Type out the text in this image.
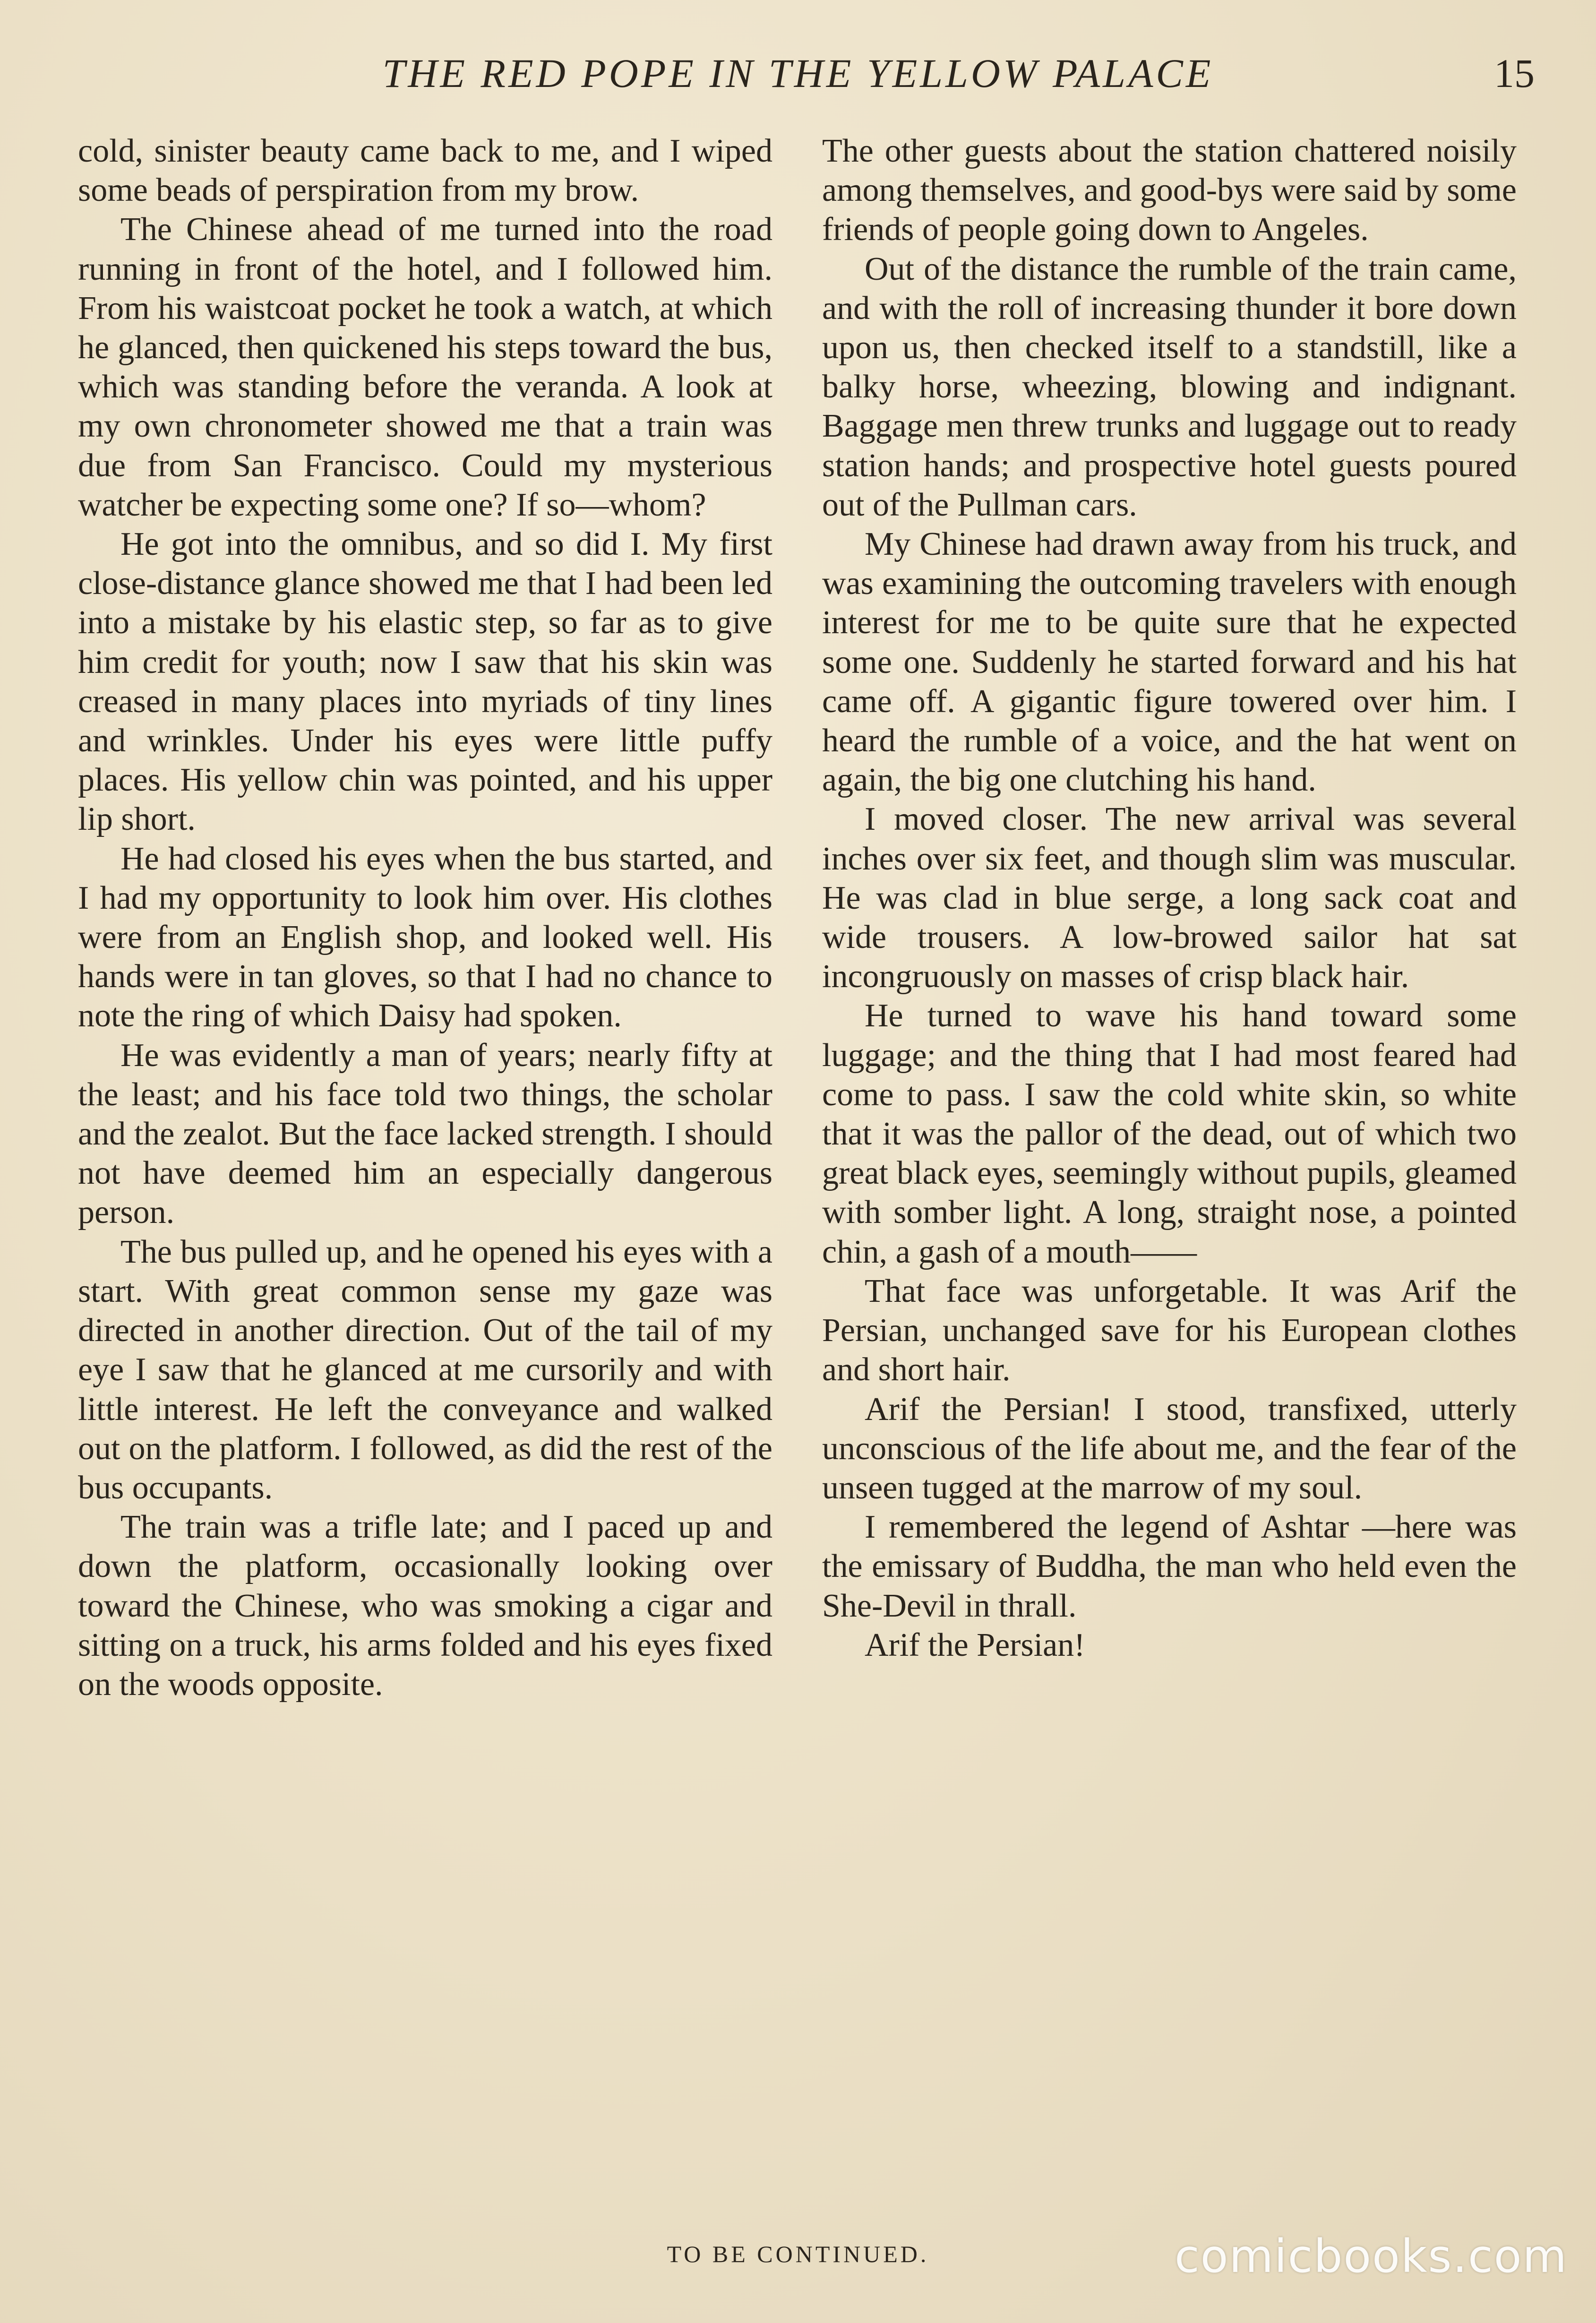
THE RED POPE IN THE YELLOW PALACE	15

cold, sinister beauty came back to me, and I wiped some beads of perspiration from my brow.

The Chinese ahead of me turned into the road running in front of the hotel, and I followed him. From his waistcoat pocket he took a watch, at which he glanced, then quickened his steps toward the bus, which was standing before the veranda. A look at my own chronometer showed me that a train was due from San Francisco. Could my mysterious watcher be expecting some one? If so—whom?

He got into the omnibus, and so did I. My first close-distance glance showed me that I had been led into a mistake by his elastic step, so far as to give him credit for youth; now I saw that his skin was creased in many places into myriads of tiny lines and wrinkles. Under his eyes were little puffy places. His yellow chin was pointed, and his upper lip short.

He had closed his eyes when the bus started, and I had my opportunity to look him over. His clothes were from an English shop, and looked well. His hands were in tan gloves, so that I had no chance to note the ring of which Daisy had spoken.

He was evidently a man of years; nearly fifty at the least; and his face told two things, the scholar and the zealot. But the face lacked strength. I should not have deemed him an especially dangerous person.

The bus pulled up, and he opened his eyes with a start. With great common sense my gaze was directed in another direction. Out of the tail of my eye I saw that he glanced at me cursorily and with little interest. He left the conveyance and walked out on the platform. I followed, as did the rest of the bus occupants.

The train was a trifle late; and I paced up and down the platform, occasionally looking over toward the Chinese, who was smoking a cigar and sitting on a truck, his arms folded and his eyes fixed on the woods opposite.

The other guests about the station chattered noisily among themselves, and good-bys were said by some friends of people going down to Angeles.

Out of the distance the rumble of the train came, and with the roll of increasing thunder it bore down upon us, then checked itself to a standstill, like a balky horse, wheezing, blowing and indignant. Baggage men threw trunks and luggage out to ready station hands; and prospective hotel guests poured out of the Pullman cars.

My Chinese had drawn away from his truck, and was examining the outcoming travelers with enough interest for me to be quite sure that he expected some one. Suddenly he started forward and his hat came off. A gigantic figure towered over him. I heard the rumble of a voice, and the hat went on again, the big one clutching his hand.

I moved closer. The new arrival was several inches over six feet, and though slim was muscular. He was clad in blue serge, a long sack coat and wide trousers. A low-browed sailor hat sat incongruously on masses of crisp black hair.

He turned to wave his hand toward some luggage; and the thing that I had most feared had come to pass. I saw the cold white skin, so white that it was the pallor of the dead, out of which two great black eyes, seemingly without pupils, gleamed with somber light. A long, straight nose, a pointed chin, a gash of a mouth——

That face was unforgetable. It was Arif the Persian, unchanged save for his European clothes and short hair.

Arif the Persian! I stood, transfixed, utterly unconscious of the life about me, and the fear of the unseen tugged at the marrow of my soul.

I remembered the legend of Ashtar —here was the emissary of Buddha, the man who held even the She-Devil in thrall.

Arif the Persian!

TO BE CONTINUED.	comicbooks.com
